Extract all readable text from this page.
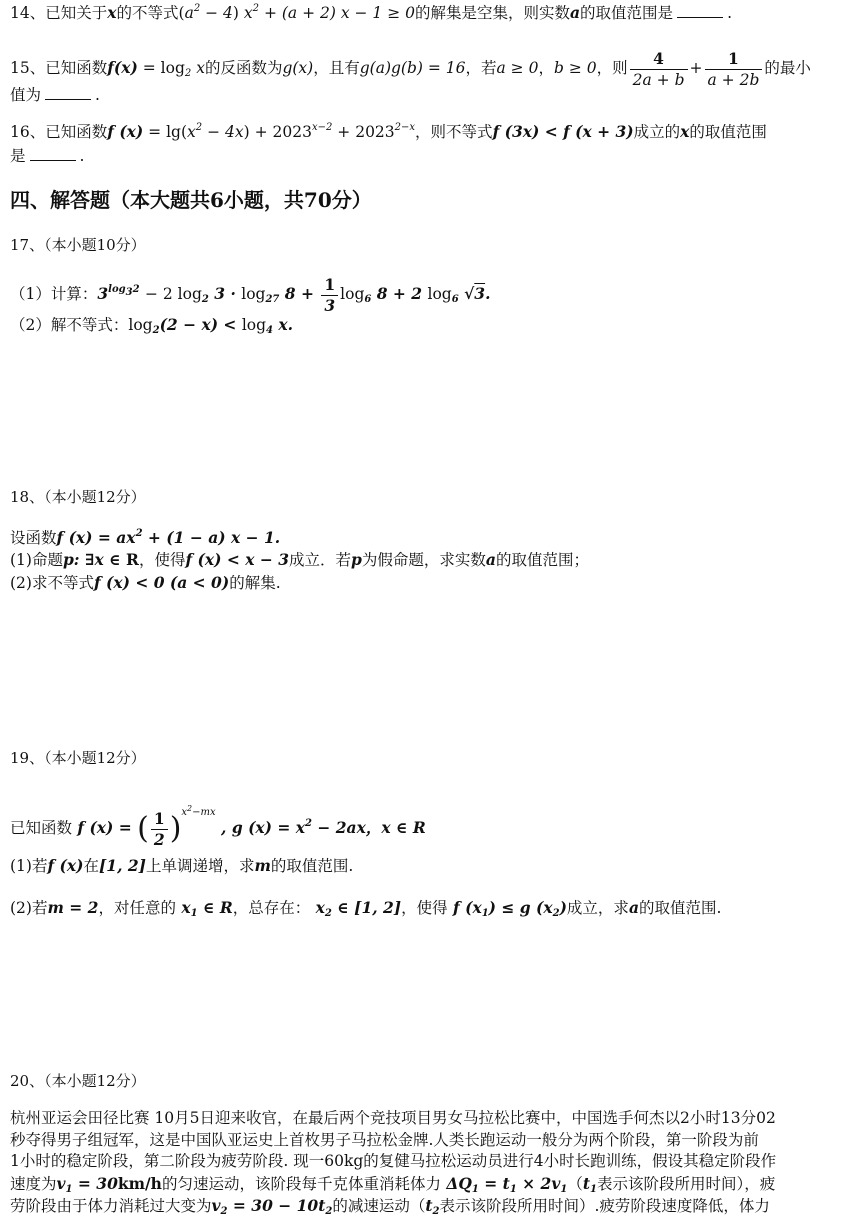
14、已知关于x的不等式$(a^2 - 4) x^2 + (a + 2) x - 1 \ge 0$的解集是空集，则实数a的取值范围是	.
15、已知函数$f(x) = \log_2 x$的反函数为g(x)，且有g(a)g(b) = 16，若a ≥ 0，b ≥ 0，则 $\frac{4}{2a + b} + \frac{1}{a + 2b}$ 的最小
值为	.
16、已知函数f $(x) = \lg(x^2 - 4x) + 2023^{x-2} + 2023^{2-x}$，则不等式f (3x) < f (x + 3)成立的x的取值范围
是	.
四、解答题（本大题共6小题，共70分）
17、（本小题10分）
（1）计算：$3^{log_32} - 2$ $\log_2 3 \cdot \log_{27} 8 + \frac{1}{3} \log_6 8 + 2$ $\log_6 √3$.
（2）解不等式：$\log_2(2 - x) < \log_4 x$.
18、（本小题12分）
设函数f $(x) = ax^2 + (1 - a) x - 1$.
(1)命题p: ∃x ∈ R，使得f (x) < x − 3成立．若p为假命题，求实数a的取值范围；
(2)求不等式f (x) < 0 (a < 0)的解集.
19、（本小题12分）
已知函数 f (x) = ( $\frac{1}{2} )^{x^2-mx}$ , g $(x) = x^2 - 2ax$，x ∈ R
(1)若f (x)在[1, 2]上单调递增，求m的取值范围.
(2)若m = 2，对任意的 $x_1$ ∈ R，总存在： $x_2$ ∈ [1, 2]，使得 f $(x_1) \le g$ $(x_2)$成立，求a的取值范围.
20、（本小题12分）
杭州亚运会田径比赛 10月5日迎来收官，在最后两个竞技项目男女马拉松比赛中，中国选手何杰以2小时13分02
秒夺得男子组冠军，这是中国队亚运史上首枚男子马拉松金牌.人类长跑运动一般分为两个阶段，第一阶段为前
1小时的稳定阶段，第二阶段为疲劳阶段. 现一60kg的复健马拉松运动员进行4小时长跑训练，假设其稳定阶段作
速度为$v_1 = 30km/h$的匀速运动，该阶段每千克体重消耗体力 $\Delta Q_1 = t_1 \times 2v_1(t_1$表示该阶段所用时间），疲
劳阶段由于体力消耗过大变为$v_2 = 30 - 10t_2$的减速运动（$t_2$表示该阶段所用时间）.疲劳阶段速度降低，体力
